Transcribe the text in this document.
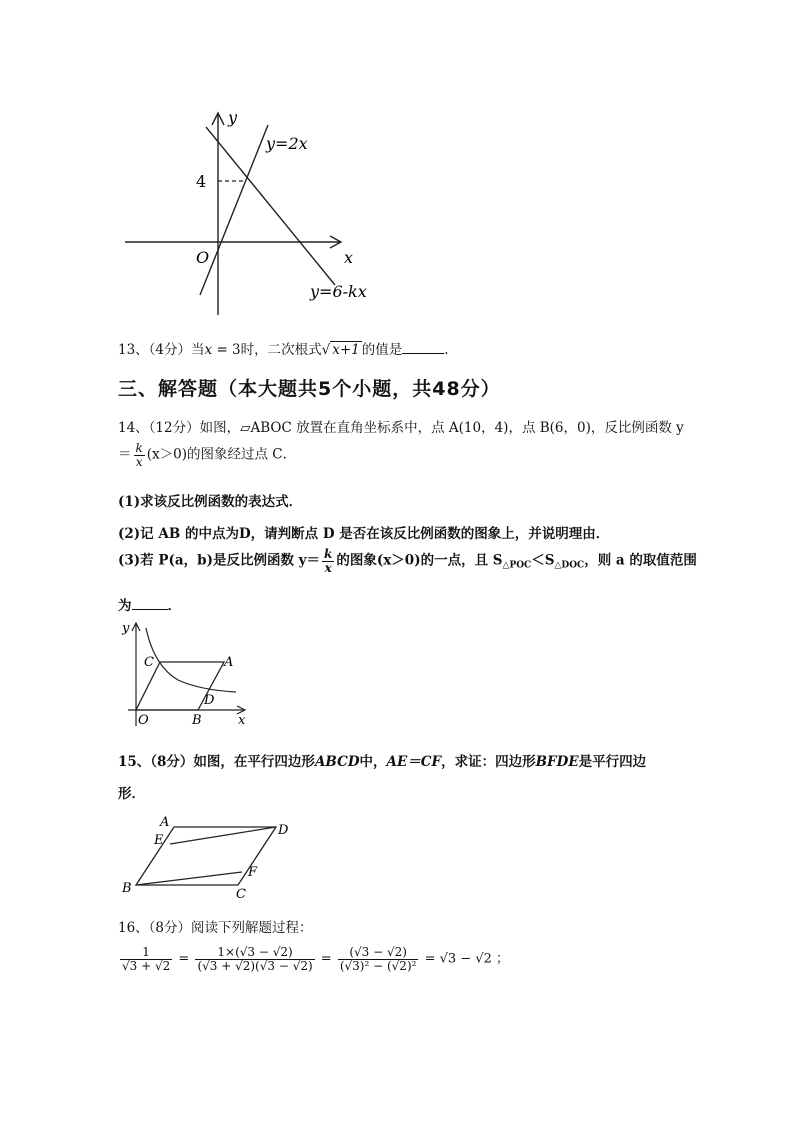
y
x
O
4
y=2x
y=6-kx
13、（4分）当x = 3时，二次根式√ x+1 的值是	.
三、解答题（本大题共5个小题，共48分）
14、（12分）如图，▱ABOC 放置在直角坐标系中，点 A(10，4)，点 B(6，0)，反比例函数 y
＝ $\frac{k}{x} (x>0)$的图象经过点 C．
(1)求该反比例函数的表达式．
(2)记 AB 的中点为D，请判断点 D 是否在该反比例函数的图象上，并说明理由．
(3)若 P(a，b)是反比例函数 $y= \frac{k}{x}$ 的图象(x＞0)的一点，且 $S_{\triangle POC}<S_{\triangle DOC}$，则 a 的取值范围
为	．
y
x
O	B
A
C
D
15、（8分）如图，在平行四边形ABCD中，AE＝CF，求证：四边形BFDE是平行四边
形．
A
D
E
F
B	C
16、（8分）阅读下列解题过程：
$\frac{1}{√3 + √2} = \frac{1\times(√3 - √2)}{(√3 + √2)(√3 - √2)} = \frac{(√3 - √2)}{\text{(√3)² − (√2)²}} = √3 - √2$ ；
